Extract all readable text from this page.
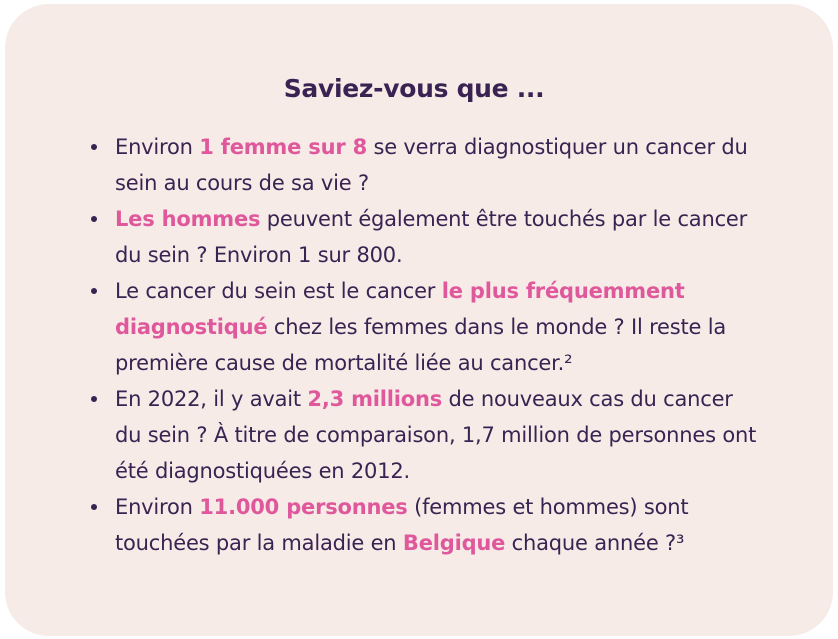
Saviez-vous que ...
Environ 1 femme sur 8 se verra diagnostiquer un cancer du sein au cours de sa vie ?
Les hommes peuvent également être touchés par le cancer du sein ? Environ 1 sur 800.
Le cancer du sein est le cancer le plus fréquemment diagnostiqué chez les femmes dans le monde ? Il reste la première cause de mortalité liée au cancer.²
En 2022, il y avait 2,3 millions de nouveaux cas du cancer du sein ? À titre de comparaison, 1,7 million de personnes ont été diagnostiquées en 2012.
Environ 11.000 personnes (femmes et hommes) sont touchées par la maladie en Belgique chaque année ?³
